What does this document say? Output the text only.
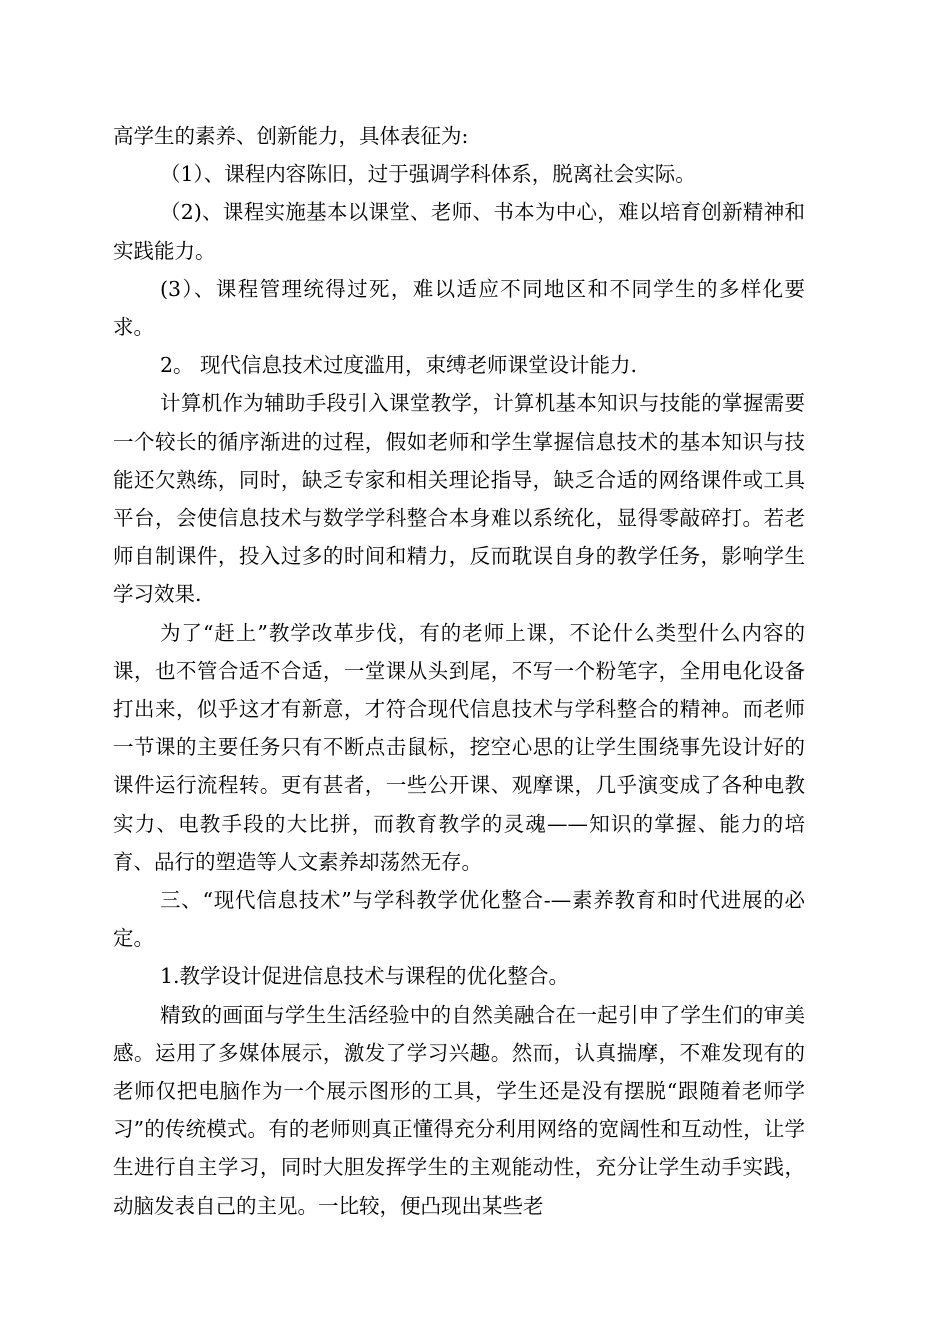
高学生的素养、创新能力，具体表征为:

（1）、课程内容陈旧，过于强调学科体系，脱离社会实际。

（2)、课程实施基本以课堂、老师、书本为中心，难以培育创新精神和实践能力。

(3）、课程管理统得过死，难以适应不同地区和不同学生的多样化要求。

2。 现代信息技术过度滥用，束缚老师课堂设计能力.

计算机作为辅助手段引入课堂教学，计算机基本知识与技能的掌握需要一个较长的循序渐进的过程，假如老师和学生掌握信息技术的基本知识与技能还欠熟练，同时，缺乏专家和相关理论指导，缺乏合适的网络课件或工具平台，会使信息技术与数学学科整合本身难以系统化，显得零敲碎打。若老师自制课件，投入过多的时间和精力，反而耽误自身的教学任务，影响学生学习效果.

为了“赶上”教学改革步伐，有的老师上课，不论什么类型什么内容的课，也不管合适不合适，一堂课从头到尾，不写一个粉笔字，全用电化设备打出来，似乎这才有新意，才符合现代信息技术与学科整合的精神。而老师一节课的主要任务只有不断点击鼠标，挖空心思的让学生围绕事先设计好的课件运行流程转。更有甚者，一些公开课、观摩课，几乎演变成了各种电教实力、电教手段的大比拼，而教育教学的灵魂——知识的掌握、能力的培育、品行的塑造等人文素养却荡然无存。

三、“现代信息技术”与学科教学优化整合-—素养教育和时代进展的必定。

1.教学设计促进信息技术与课程的优化整合。

精致的画面与学生生活经验中的自然美融合在一起引申了学生们的审美感。运用了多媒体展示，激发了学习兴趣。然而，认真揣摩，不难发现有的老师仅把电脑作为一个展示图形的工具，学生还是没有摆脱“跟随着老师学习”的传统模式。有的老师则真正懂得充分利用网络的宽阔性和互动性，让学生进行自主学习，同时大胆发挥学生的主观能动性，充分让学生动手实践，动脑发表自己的主见。一比较，便凸现出某些老
